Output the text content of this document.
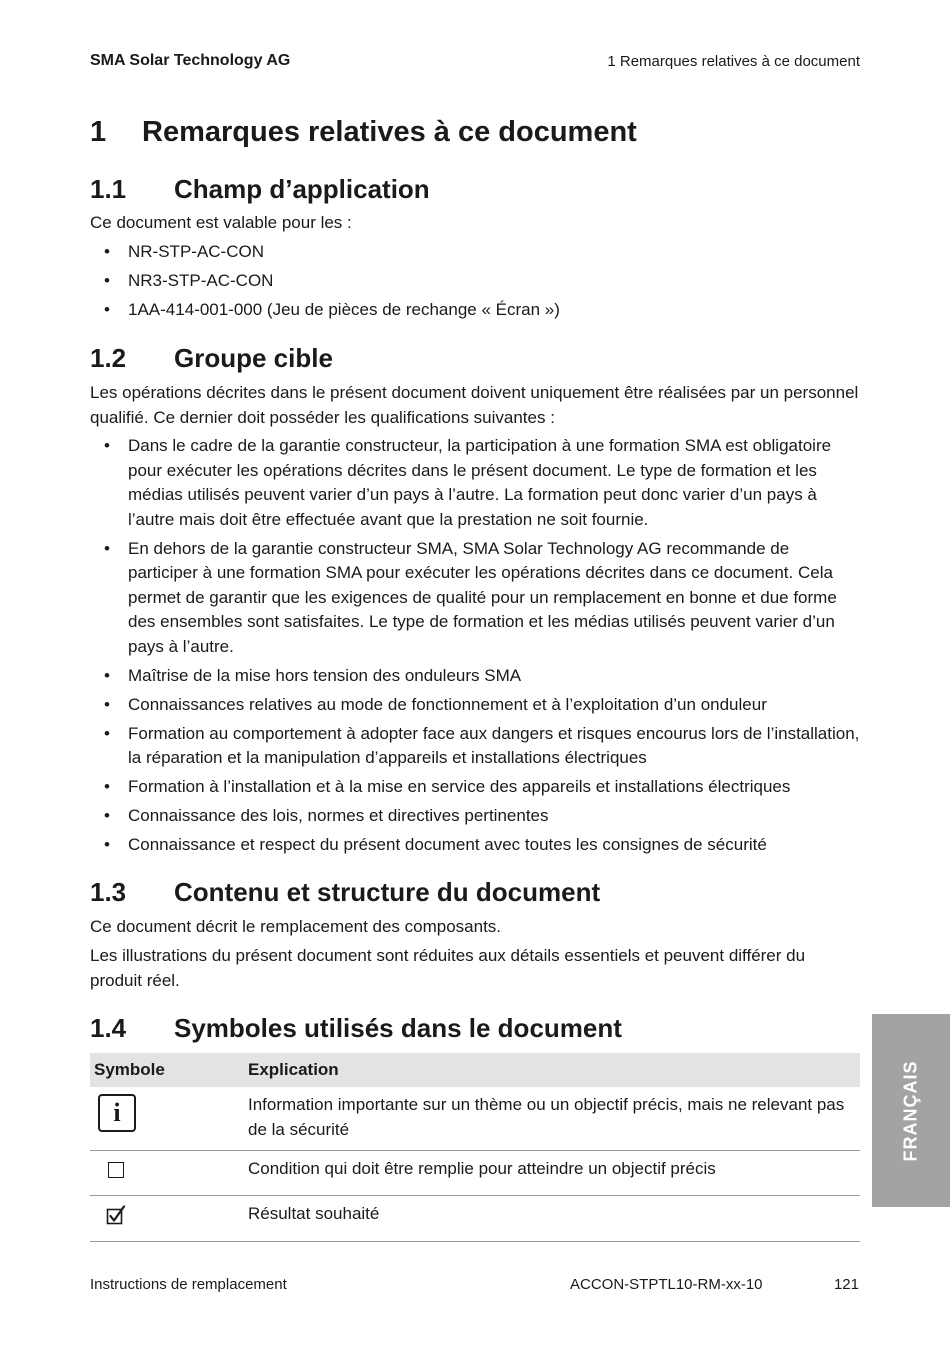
SMA Solar Technology AG	1 Remarques relatives à ce document
1 Remarques relatives à ce document
1.1 Champ d’application

Ce document est valable pour les :

• NR-STP-AC-CON
• NR3-STP-AC-CON
• 1AA-414-001-000 (Jeu de pièces de rechange « Écran »)
1.2 Groupe cible

Les opérations décrites dans le présent document doivent uniquement être réalisées par un personnel qualifié. Ce dernier doit posséder les qualifications suivantes :

• Dans le cadre de la garantie constructeur, la participation à une formation SMA est obligatoire pour exécuter les opérations décrites dans le présent document. Le type de formation et les médias utilisés peuvent varier d’un pays à l’autre. La formation peut donc varier d’un pays à l’autre mais doit être effectuée avant que la prestation ne soit fournie.
• En dehors de la garantie constructeur SMA, SMA Solar Technology AG recommande de participer à une formation SMA pour exécuter les opérations décrites dans ce document. Cela permet de garantir que les exigences de qualité pour un remplacement en bonne et due forme des ensembles sont satisfaites. Le type de formation et les médias utilisés peuvent varier d’un pays à l’autre.
• Maîtrise de la mise hors tension des onduleurs SMA
• Connaissances relatives au mode de fonctionnement et à l’exploitation d’un onduleur
• Formation au comportement à adopter face aux dangers et risques encourus lors de l’installation, la réparation et la manipulation d’appareils et installations électriques
• Formation à l’installation et à la mise en service des appareils et installations électriques
• Connaissance des lois, normes et directives pertinentes
• Connaissance et respect du présent document avec toutes les consignes de sécurité
1.3 Contenu et structure du document

Ce document décrit le remplacement des composants.

Les illustrations du présent document sont réduites aux détails essentiels et peuvent différer du produit réel.

1.4 Symboles utilisés dans le document
Symbole	Explication
i	Information importante sur un thème ou un objectif précis, mais ne relevant pas de la sécurité
	Condition qui doit être remplie pour atteindre un objectif précis
	Résultat souhaité
FRANÇAIS
Instructions de remplacement	ACCON-STPTL10-RM-xx-10	121
